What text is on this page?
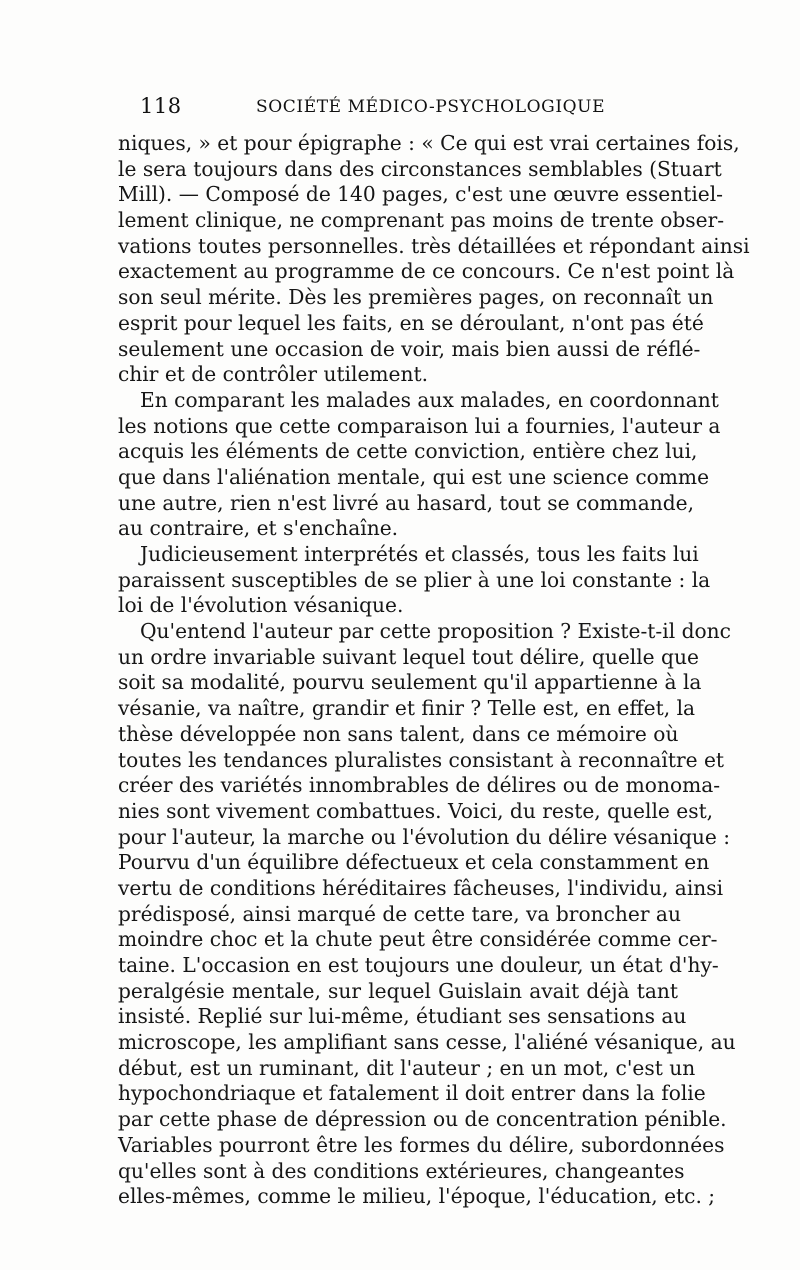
118	SOCIÉTÉ MÉDICO-PSYCHOLOGIQUE
niques, » et pour épigraphe : « Ce qui est vrai certaines fois,
le sera toujours dans des circonstances semblables (Stuart
Mill). — Composé de 140 pages, c'est une œuvre essentiel-
lement clinique, ne comprenant pas moins de trente obser-
vations toutes personnelles. très détaillées et répondant ainsi
exactement au programme de ce concours. Ce n'est point là
son seul mérite. Dès les premières pages, on reconnaît un
esprit pour lequel les faits, en se déroulant, n'ont pas été
seulement une occasion de voir, mais bien aussi de réflé-
chir et de contrôler utilement.
En comparant les malades aux malades, en coordonnant
les notions que cette comparaison lui a fournies, l'auteur a
acquis les éléments de cette conviction, entière chez lui,
que dans l'aliénation mentale, qui est une science comme
une autre, rien n'est livré au hasard, tout se commande,
au contraire, et s'enchaîne.
Judicieusement interprétés et classés, tous les faits lui
paraissent susceptibles de se plier à une loi constante : la
loi de l'évolution vésanique.
Qu'entend l'auteur par cette proposition ? Existe-t-il donc
un ordre invariable suivant lequel tout délire, quelle que
soit sa modalité, pourvu seulement qu'il appartienne à la
vésanie, va naître, grandir et finir ? Telle est, en effet, la
thèse développée non sans talent, dans ce mémoire où
toutes les tendances pluralistes consistant à reconnaître et
créer des variétés innombrables de délires ou de monoma-
nies sont vivement combattues. Voici, du reste, quelle est,
pour l'auteur, la marche ou l'évolution du délire vésanique :
Pourvu d'un équilibre défectueux et cela constamment en
vertu de conditions héréditaires fâcheuses, l'individu, ainsi
prédisposé, ainsi marqué de cette tare, va broncher au
moindre choc et la chute peut être considérée comme cer-
taine. L'occasion en est toujours une douleur, un état d'hy-
peralgésie mentale, sur lequel Guislain avait déjà tant
insisté. Replié sur lui-même, étudiant ses sensations au
microscope, les amplifiant sans cesse, l'aliéné vésanique, au
début, est un ruminant, dit l'auteur ; en un mot, c'est un
hypochondriaque et fatalement il doit entrer dans la folie
par cette phase de dépression ou de concentration pénible.
Variables pourront être les formes du délire, subordonnées
qu'elles sont à des conditions extérieures, changeantes
elles-mêmes, comme le milieu, l'époque, l'éducation, etc. ;
